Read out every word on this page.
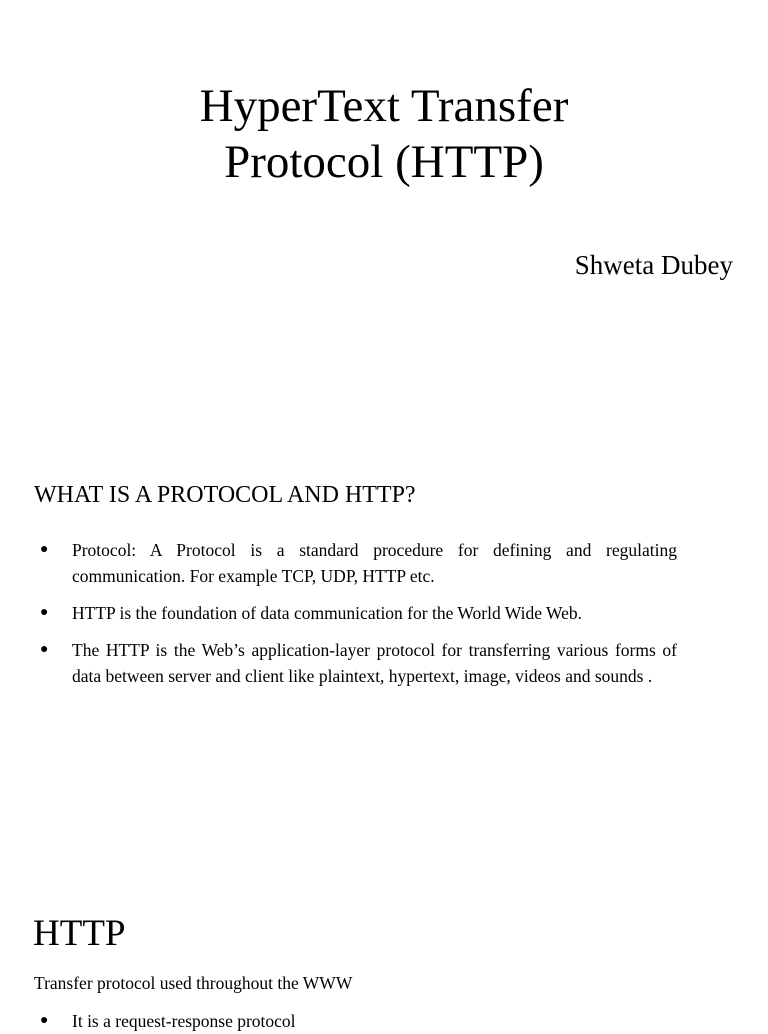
HyperText Transfer
Protocol (HTTP)

Shweta Dubey

WHAT IS A PROTOCOL AND HTTP?
● Protocol: A Protocol is a standard procedure for defining and regulating communication. For example TCP, UDP, HTTP etc.
● HTTP is the foundation of data communication for the World Wide Web.
● The HTTP is the Web’s application-layer protocol for transferring various forms of data between server and client like plaintext, hypertext, image, videos and sounds .
HTTP

Transfer protocol used throughout the WWW

● It is a request-response protocol
